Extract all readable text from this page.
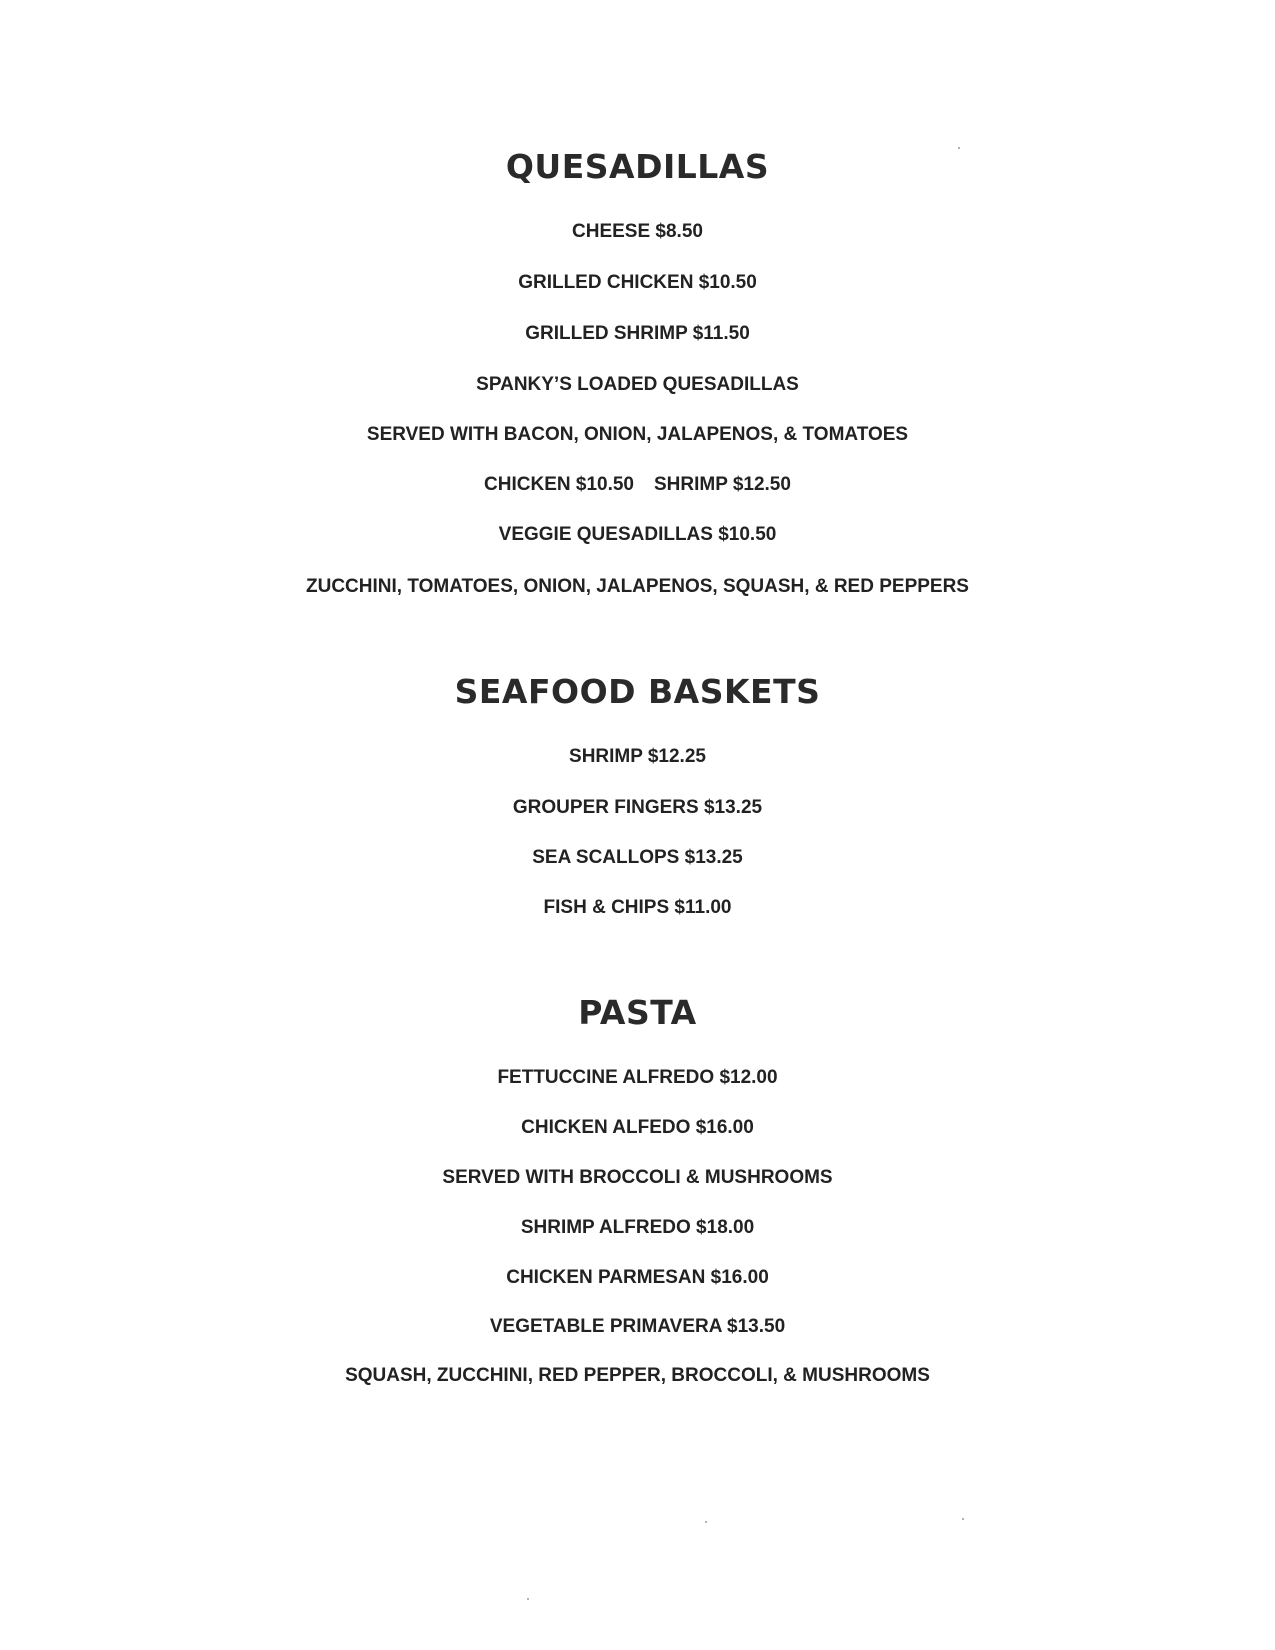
QUESADILLAS

CHEESE $8.50

GRILLED CHICKEN $10.50

GRILLED SHRIMP $11.50

SPANKY’S LOADED QUESADILLAS

SERVED WITH BACON, ONION, JALAPENOS, & TOMATOES

CHICKEN $10.50 SHRIMP $12.50

VEGGIE QUESADILLAS $10.50

ZUCCHINI, TOMATOES, ONION, JALAPENOS, SQUASH, & RED PEPPERS

SEAFOOD BASKETS

SHRIMP $12.25

GROUPER FINGERS $13.25

SEA SCALLOPS $13.25

FISH & CHIPS $11.00

PASTA

FETTUCCINE ALFREDO $12.00

CHICKEN ALFEDO $16.00

SERVED WITH BROCCOLI & MUSHROOMS

SHRIMP ALFREDO $18.00

CHICKEN PARMESAN $16.00

VEGETABLE PRIMAVERA $13.50

SQUASH, ZUCCHINI, RED PEPPER, BROCCOLI, & MUSHROOMS
